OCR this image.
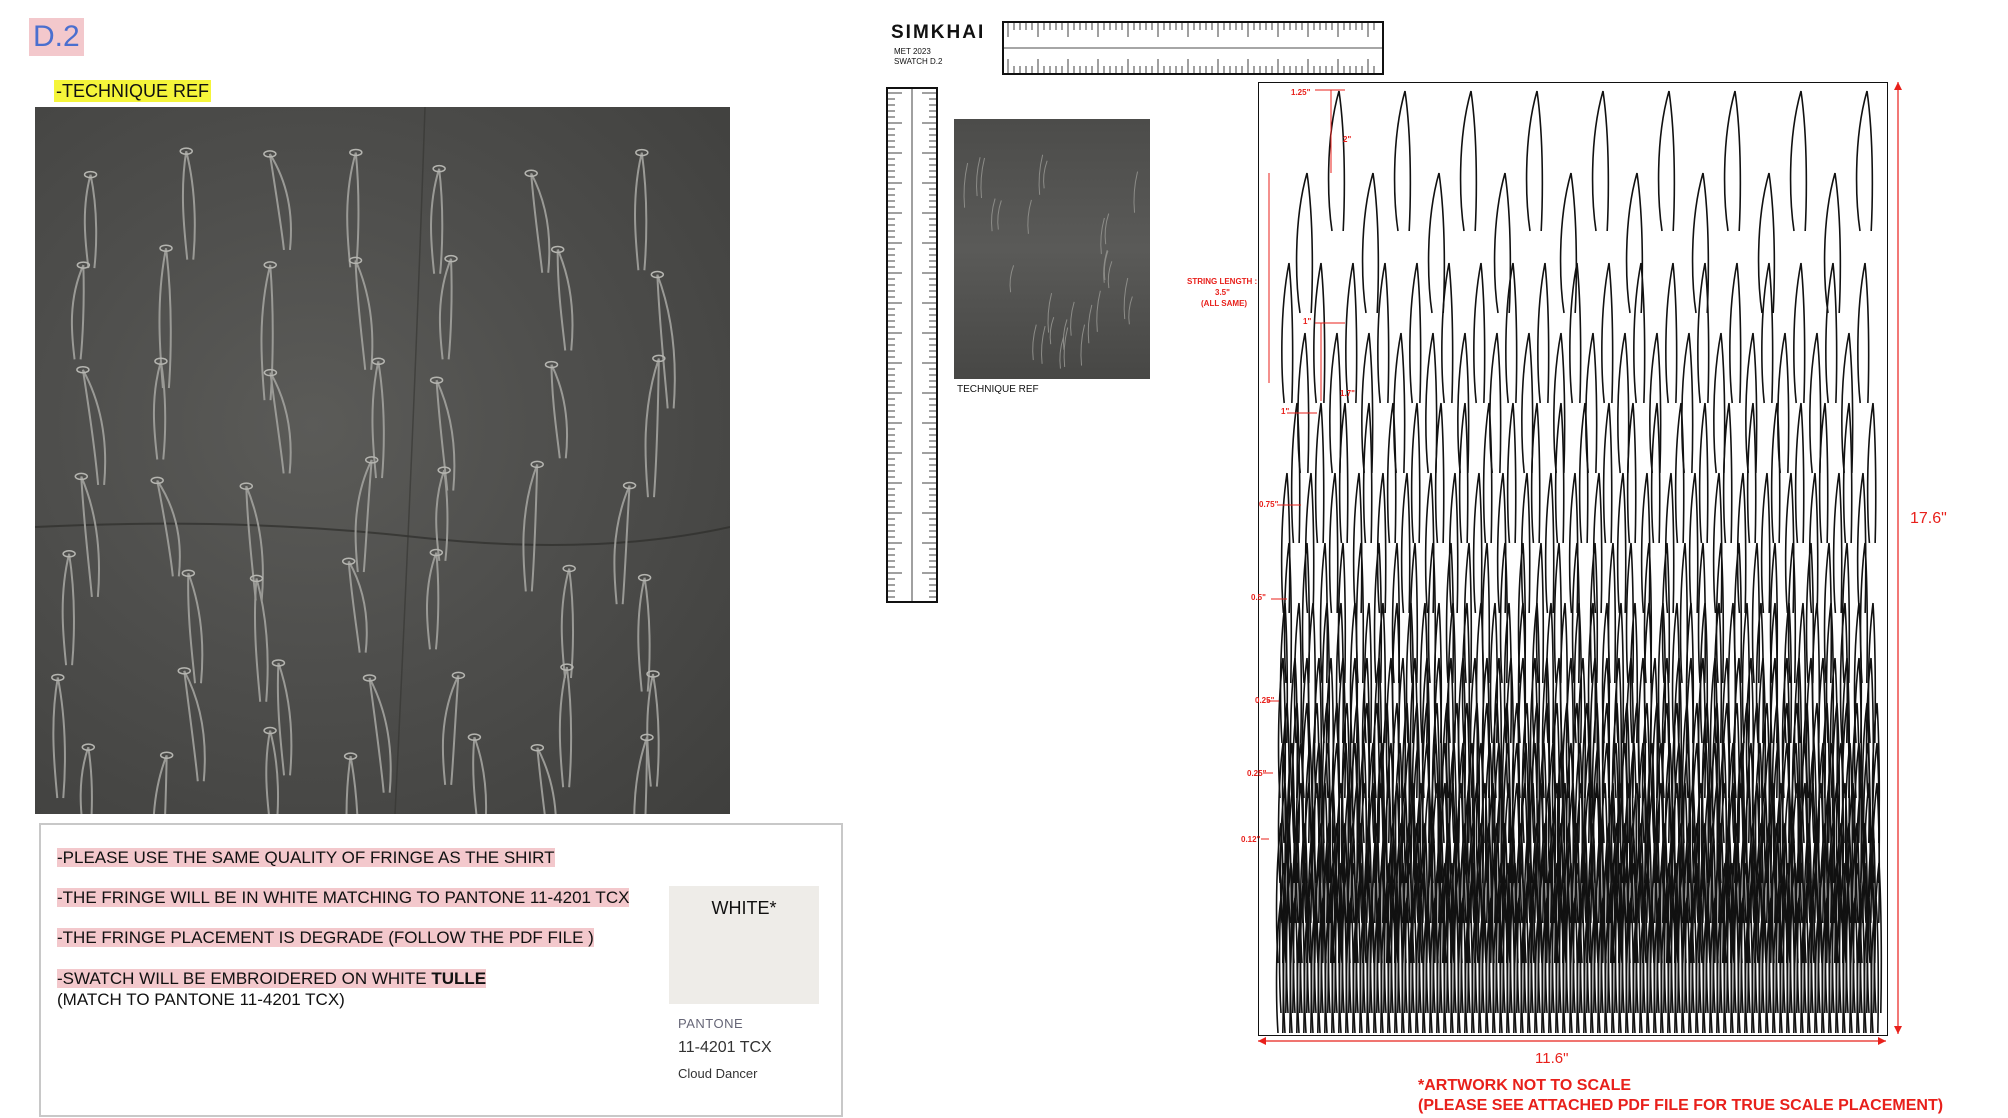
D.2
-TECHNIQUE REF
-PLEASE USE THE SAME QUALITY OF FRINGE AS THE SHIRT
-THE FRINGE WILL BE IN WHITE MATCHING TO PANTONE 11-4201 TCX
-THE FRINGE PLACEMENT IS DEGRADE (FOLLOW THE PDF FILE )
-SWATCH WILL BE EMBROIDERED ON WHITE TULLE
(MATCH TO PANTONE 11-4201 TCX)
WHITE*
PANTONE
11-4201 TCX
Cloud Dancer
SIMKHAI
MET 2023
SWATCH D.2
TECHNIQUE REF
1.25"
2"
STRING LENGTH :
3.5"
(ALL SAME)
1"
1.7"
1"
0.75"
0.5"
0.25"
0.25"
0.12"
11.6"
17.6"
*ARTWORK NOT TO SCALE
(PLEASE SEE ATTACHED PDF FILE FOR TRUE SCALE PLACEMENT)
